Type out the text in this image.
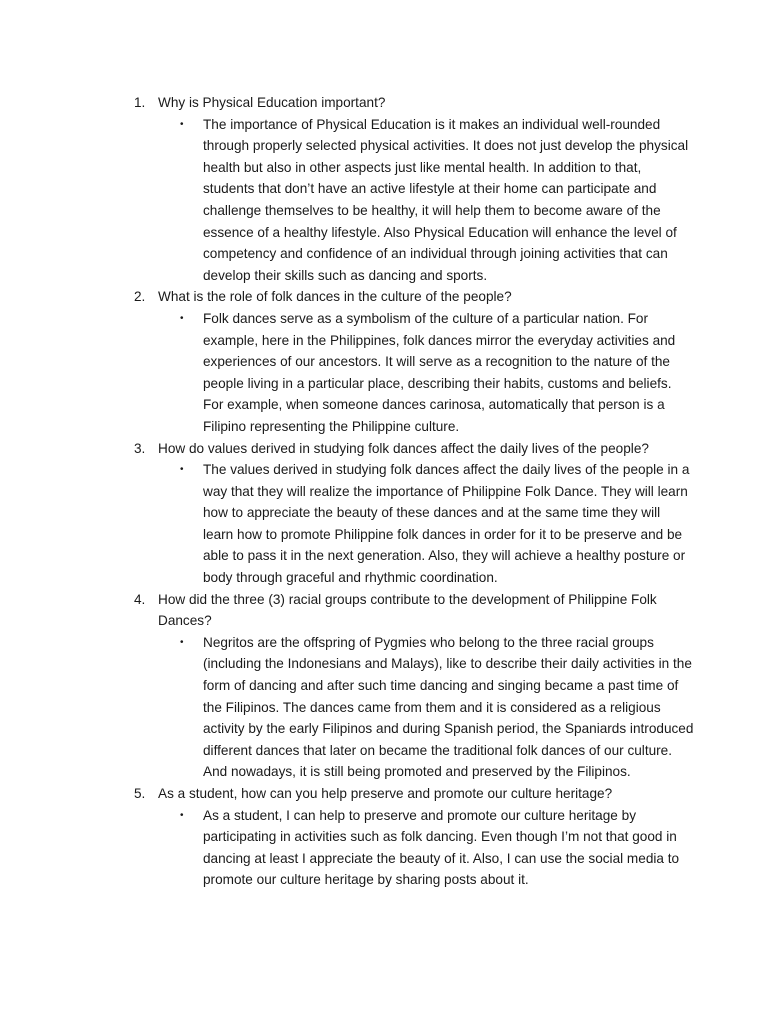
1. Why is Physical Education important?
•	The importance of Physical Education is it makes an individual well-rounded through properly selected physical activities. It does not just develop the physical health but also in other aspects just like mental health. In addition to that, students that don’t have an active lifestyle at their home can participate and challenge themselves to be healthy, it will help them to become aware of the essence of a healthy lifestyle. Also Physical Education will enhance the level of competency and confidence of an individual through joining activities that can develop their skills such as dancing and sports.
2. What is the role of folk dances in the culture of the people?
•	Folk dances serve as a symbolism of the culture of a particular nation. For example, here in the Philippines, folk dances mirror the everyday activities and experiences of our ancestors. It will serve as a recognition to the nature of the people living in a particular place, describing their habits, customs and beliefs. For example, when someone dances carinosa, automatically that person is a Filipino representing the Philippine culture.
3. How do values derived in studying folk dances affect the daily lives of the people?
•	The values derived in studying folk dances affect the daily lives of the people in a way that they will realize the importance of Philippine Folk Dance. They will learn how to appreciate the beauty of these dances and at the same time they will learn how to promote Philippine folk dances in order for it to be preserve and be able to pass it in the next generation. Also, they will achieve a healthy posture or body through graceful and rhythmic coordination.
4. How did the three (3) racial groups contribute to the development of Philippine Folk Dances?
•	Negritos are the offspring of Pygmies who belong to the three racial groups (including the Indonesians and Malays), like to describe their daily activities in the form of dancing and after such time dancing and singing became a past time of the Filipinos. The dances came from them and it is considered as a religious activity by the early Filipinos and during Spanish period, the Spaniards introduced different dances that later on became the traditional folk dances of our culture. And nowadays, it is still being promoted and preserved by the Filipinos.
5. As a student, how can you help preserve and promote our culture heritage?
•	As a student, I can help to preserve and promote our culture heritage by participating in activities such as folk dancing. Even though I’m not that good in dancing at least I appreciate the beauty of it. Also, I can use the social media to promote our culture heritage by sharing posts about it.
